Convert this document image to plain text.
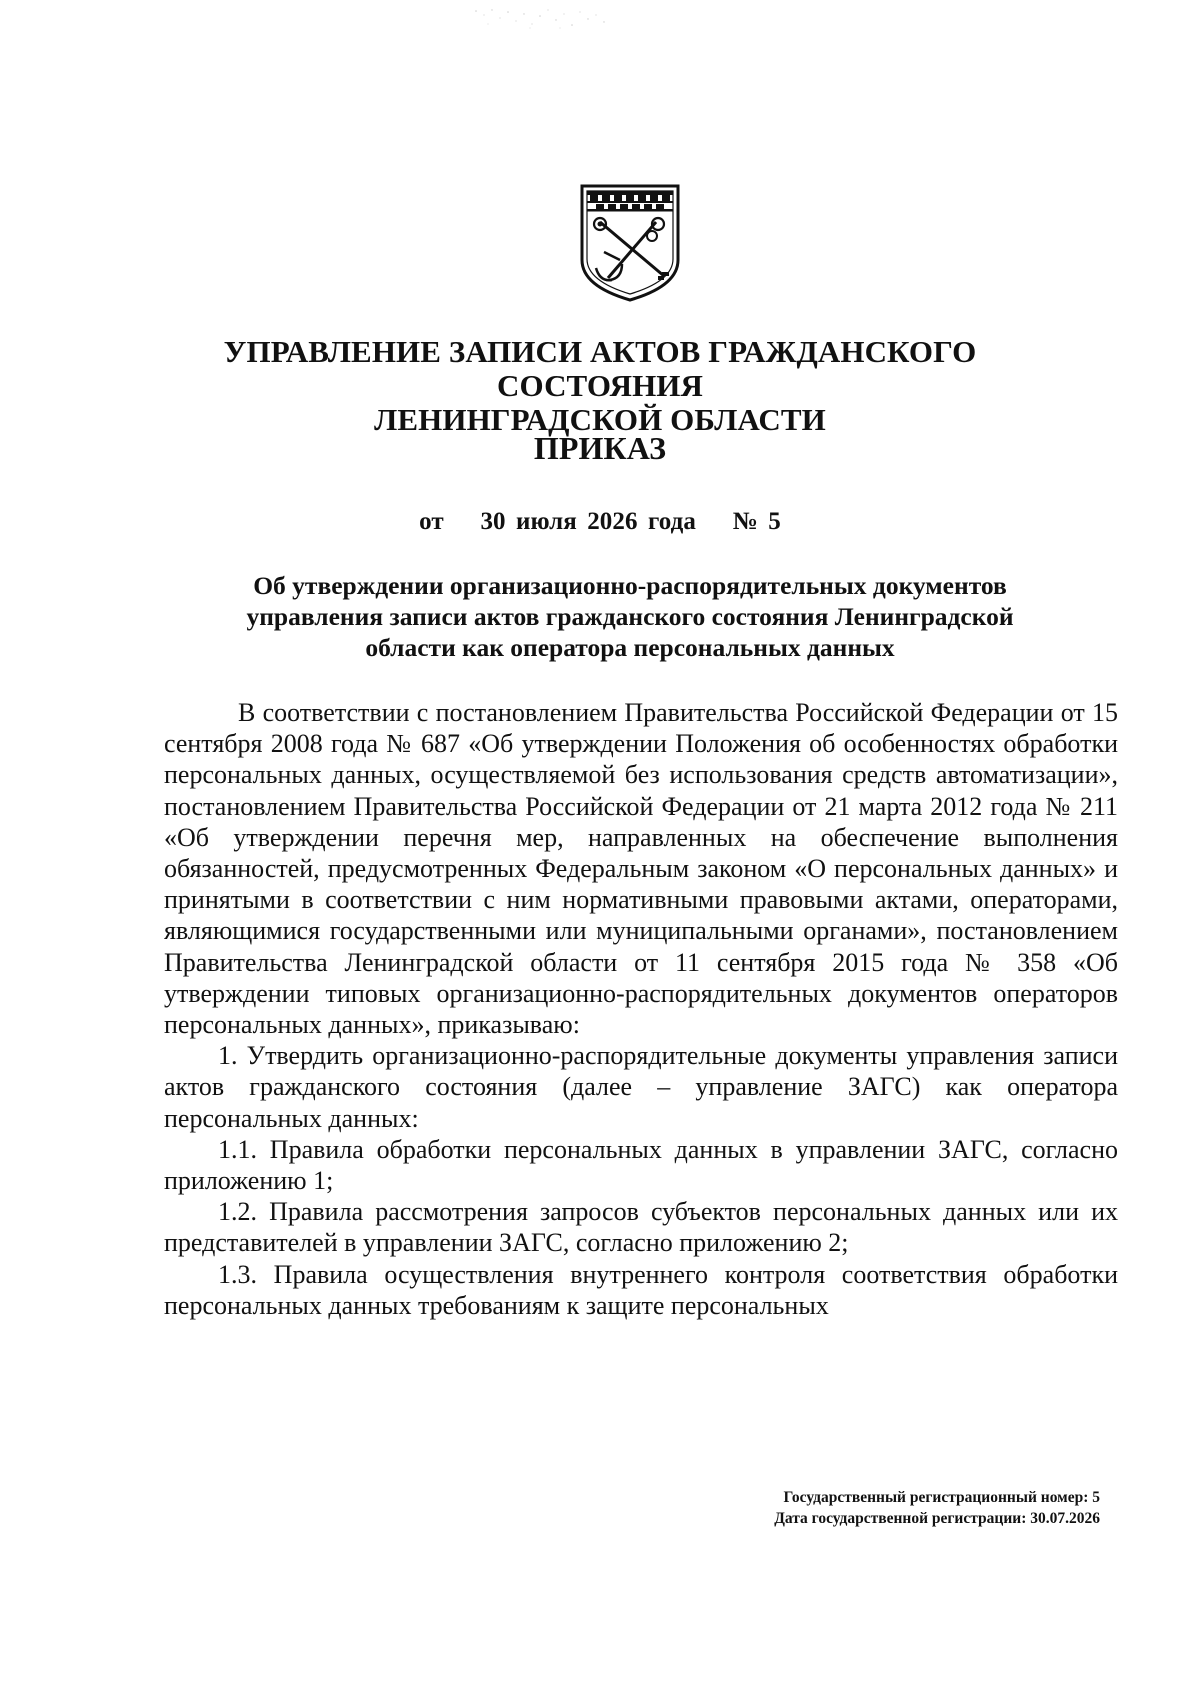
УПРАВЛЕНИЕ ЗАПИСИ АКТОВ ГРАЖДАНСКОГО СОСТОЯНИЯ
ЛЕНИНГРАДСКОЙ ОБЛАСТИ
ПРИКАЗ
от 30 июля 2026 года № 5
Об утверждении организационно-распорядительных документов
управления записи актов гражданского состояния Ленинградской
области как оператора персональных данных

В соответствии с постановлением Правительства Российской Федерации от 15 сентября 2008 года № 687 «Об утверждении Положения об особенностях обработки персональных данных, осуществляемой без использования средств автоматизации», постановлением Правительства Российской Федерации от 21 марта 2012 года № 211 «Об утверждении перечня мер, направленных на обеспечение выполнения обязанностей, предусмотренных Федеральным законом «О персональных данных» и принятыми в соответствии с ним нормативными правовыми актами, операторами, являющимися государственными или муниципальными органами», постановлением Правительства Ленинградской области от 11 сентября 2015 года № 358 «Об утверждении типовых организационно-распорядительных документов операторов персональных данных», приказываю:

1. Утвердить организационно-распорядительные документы управления записи актов гражданского состояния (далее – управление ЗАГС) как оператора персональных данных:

1.1. Правила обработки персональных данных в управлении ЗАГС, согласно приложению 1;

1.2. Правила рассмотрения запросов субъектов персональных данных или их представителей в управлении ЗАГС, согласно приложению 2;

1.3. Правила осуществления внутреннего контроля соответствия обработки персональных данных требованиям к защите персональных

Государственный регистрационный номер: 5
Дата государственной регистрации: 30.07.2026
